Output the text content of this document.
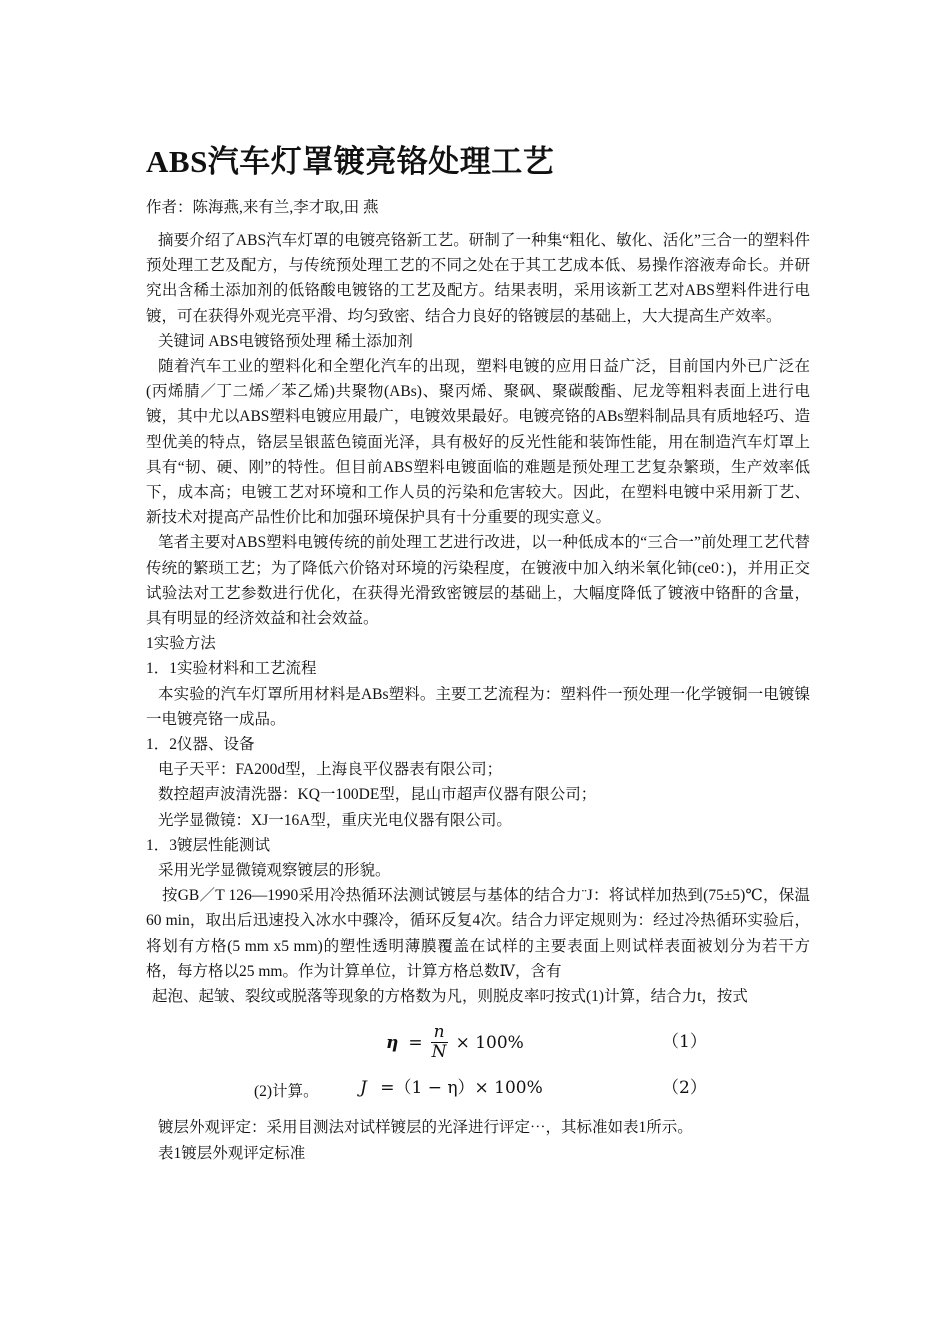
ABS汽车灯罩镀亮铬处理工艺
作者：陈海燕,来有兰,李才取,田 燕

摘要介绍了ABS汽车灯罩的电镀亮铬新工艺。研制了一种集“粗化、敏化、活化”三合一的塑料件预处理工艺及配方，与传统预处理工艺的不同之处在于其工艺成本低、易操作溶液寿命长。并研究出含稀土添加剂的低铬酸电镀铬的工艺及配方。结果表明，采用该新工艺对ABS塑料件进行电镀，可在获得外观光亮平滑、均匀致密、结合力良好的铬镀层的基础上，大大提高生产效率。

关键词 ABS电镀铬预处理 稀土添加剂

随着汽车工业的塑料化和全塑化汽车的出现，塑料电镀的应用日益广泛，目前国内外已广泛在(丙烯腈／丁二烯／苯乙烯)共聚物(ABs)、聚丙烯、聚砜、聚碳酸酯、尼龙等粗料表面上进行电镀，其中尤以ABS塑料电镀应用最广，电镀效果最好。电镀亮铬的ABs塑料制品具有质地轻巧、造型优美的特点，铬层呈银蓝色镜面光泽，具有极好的反光性能和装饰性能，用在制造汽车灯罩上具有“韧、硬、刚”的特性。但目前ABS塑料电镀面临的难题是预处理工艺复杂繁琐，生产效率低下，成本高；电镀工艺对环境和工作人员的污染和危害较大。因此，在塑料电镀中采用新丁艺、新技术对提高产品性价比和加强环境保护具有十分重要的现实意义。

笔者主要对ABS塑料电镀传统的前处理工艺进行改进，以一种低成本的“三合一”前处理工艺代替传统的繁琐工艺；为了降低六价铬对环境的污染程度，在镀液中加入纳米氧化铈(ce0：)，并用正交试验法对工艺参数进行优化，在获得光滑致密镀层的基础上，大幅度降低了镀液中铬酐的含量，具有明显的经济效益和社会效益。

1实验方法

1．1实验材料和工艺流程

本实验的汽车灯罩所用材料是ABs塑料。主要工艺流程为：塑料件一预处理一化学镀铜一电镀镍一电镀亮铬一成品。

1．2仪器、设备

电子天平：FA200d型，上海良平仪器表有限公司；

数控超声波清洗器：KQ一100DE型，昆山市超声仪器有限公司；

光学显微镜：XJ一16A型，重庆光电仪器有限公司。

1．3镀层性能测试

采用光学显微镜观察镀层的形貌。

按GB／T 126—1990采用冷热循环法测试镀层与基体的结合力¨J：将试样加热到(75±5)℃，保温60 min，取出后迅速投入冰水中骤冷，循环反复4次。结合力评定规则为：经过冷热循环实验后，将划有方格(5 mm x5 mm)的塑性透明薄膜覆盖在试样的主要表面上则试样表面被划分为若干方格，每方格以25 mm。作为计算单位，计算方格总数Ⅳ，含有

起泡、起皱、裂纹或脱落等现象的方格数为凡，则脱皮率叼按式(1)计算，结合力t，按式

$\eta = \frac{n}{N} \times 100\%$	（1）
(2)计算。 J =（1 − η）× 100%	（2）

镀层外观评定：采用目测法对试样镀层的光泽进行评定⋯，其标准如表1所示。

表1镀层外观评定标准
